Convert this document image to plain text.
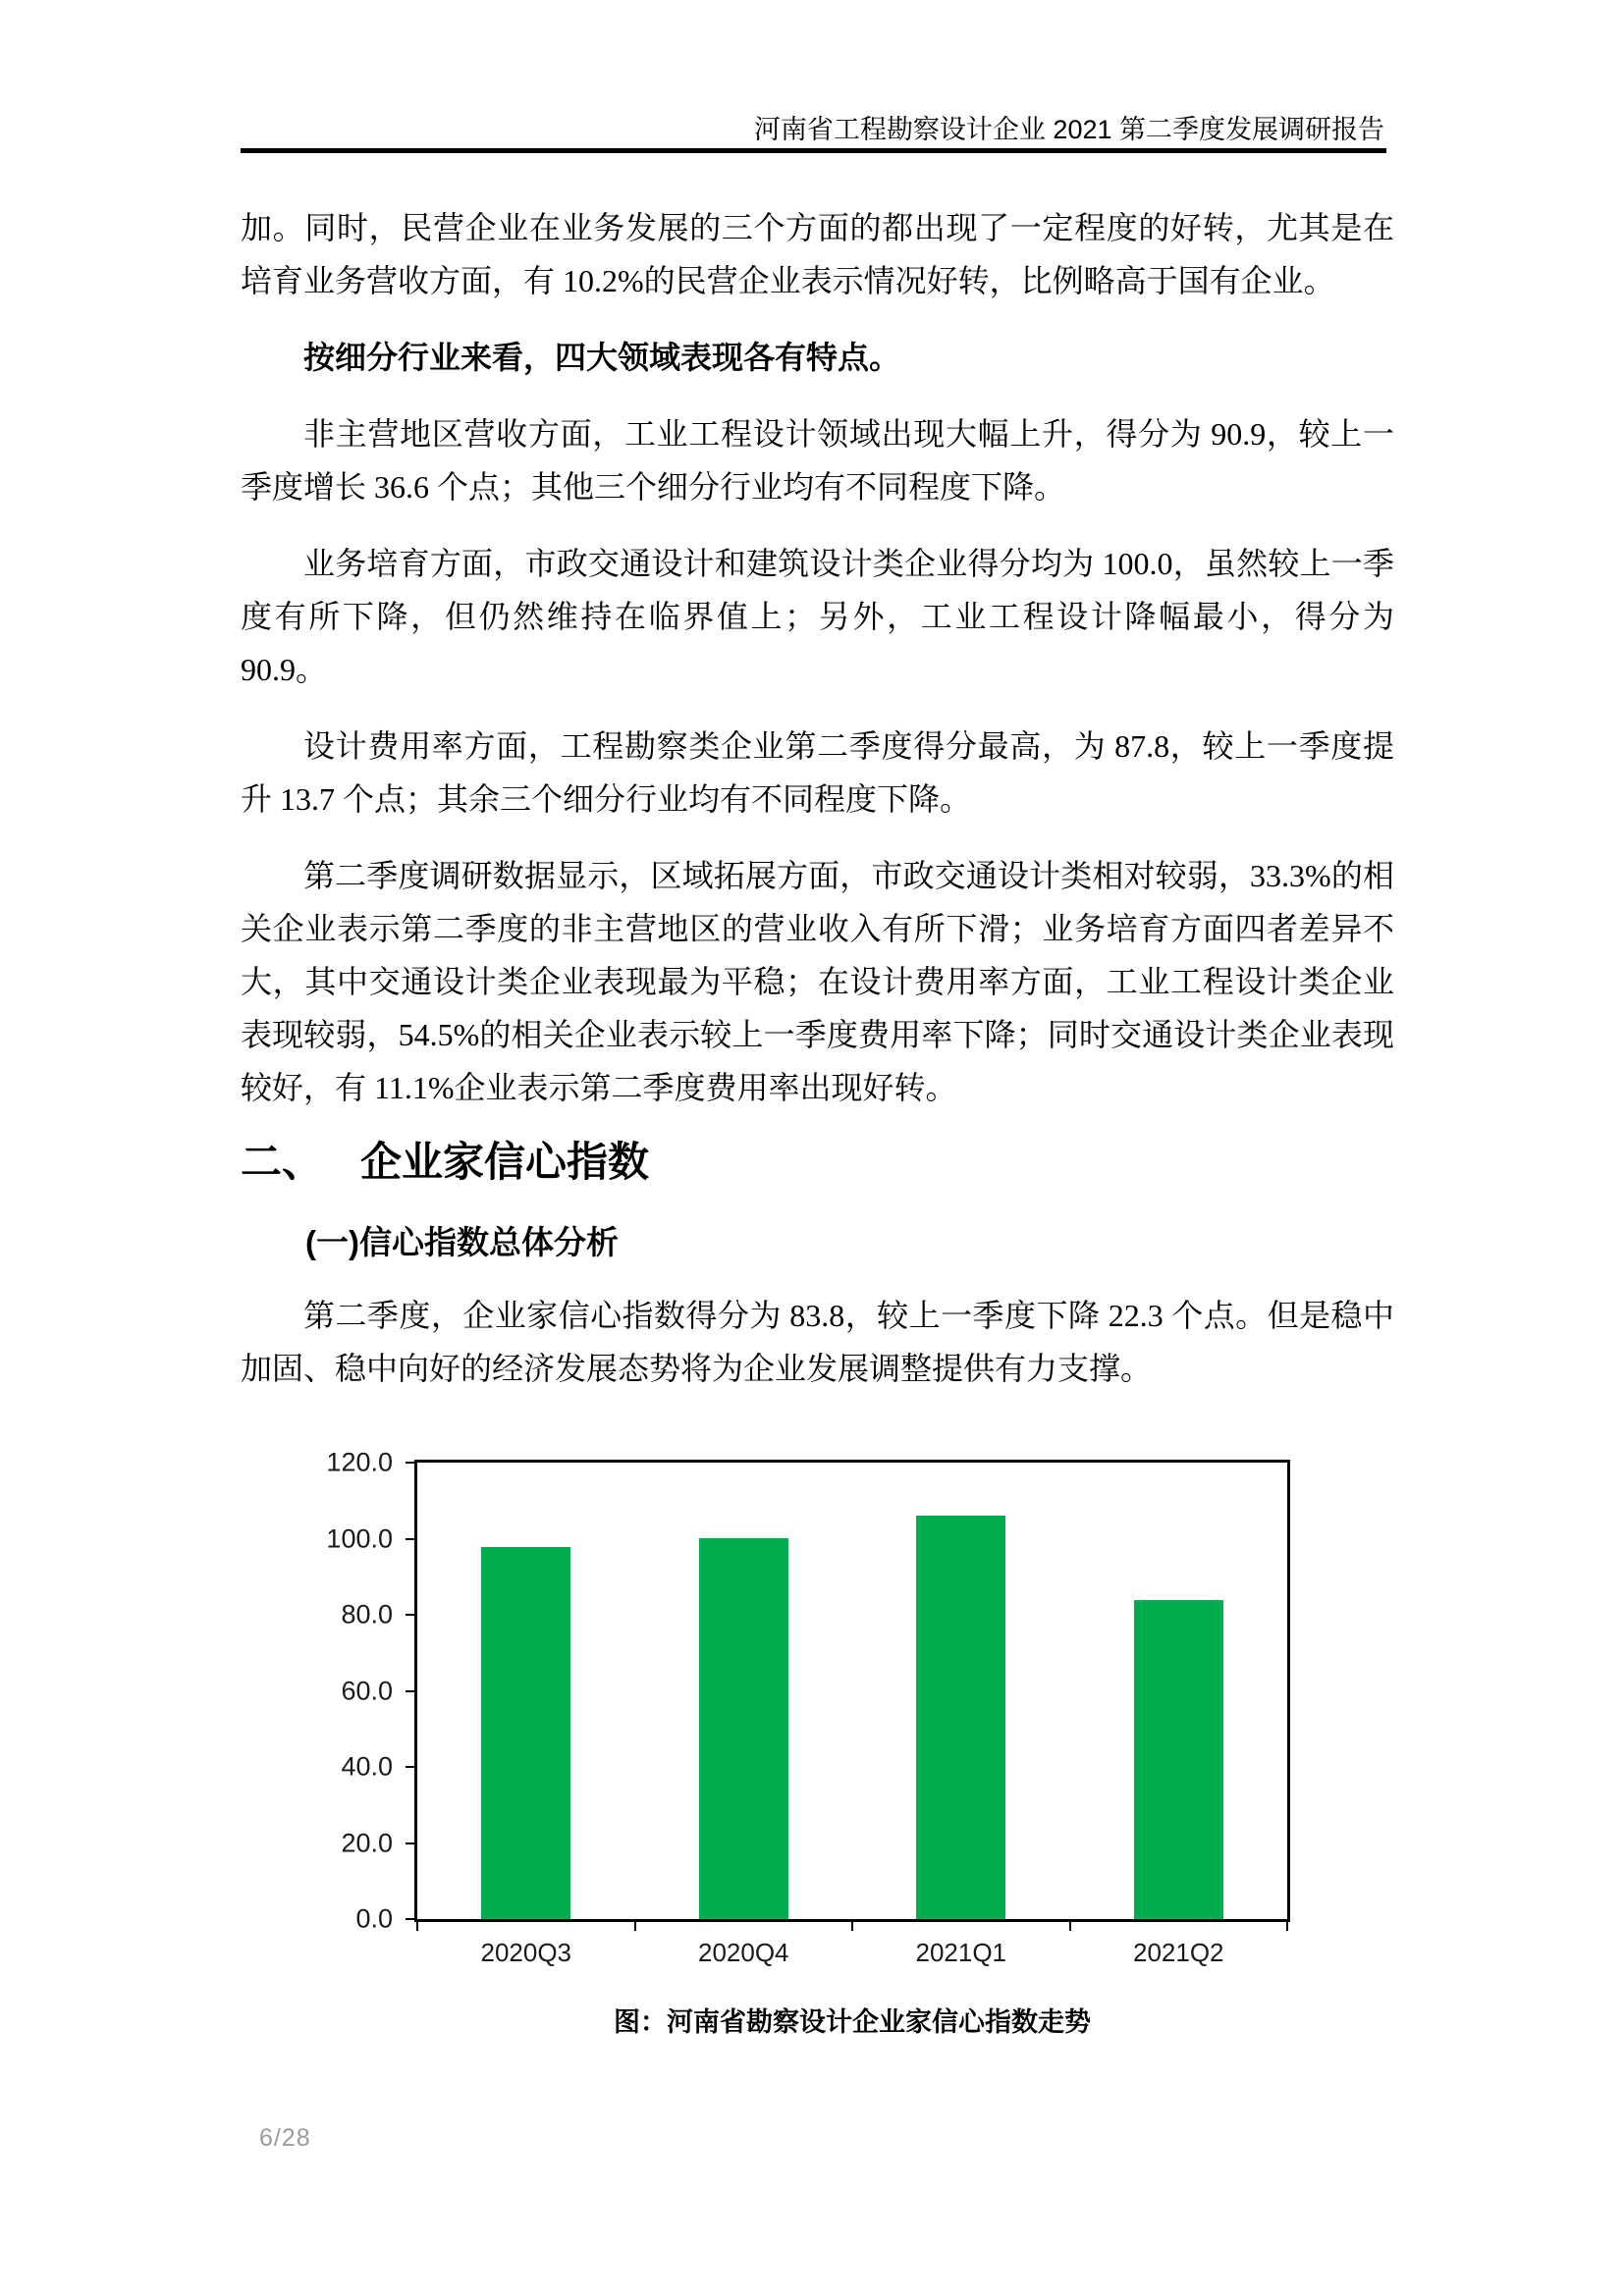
河南省工程勘察设计企业 2021 第二季度发展调研报告

加。同时，民营企业在业务发展的三个方面的都出现了一定程度的好转，尤其是在培育业务营收方面，有 10.2%的民营企业表示情况好转，比例略高于国有企业。

按细分行业来看，四大领域表现各有特点。

非主营地区营收方面，工业工程设计领域出现大幅上升，得分为 90.9，较上一季度增长 36.6 个点；其他三个细分行业均有不同程度下降。

业务培育方面，市政交通设计和建筑设计类企业得分均为 100.0，虽然较上一季度有所下降，但仍然维持在临界值上；另外，工业工程设计降幅最小，得分为 90.9。

设计费用率方面，工程勘察类企业第二季度得分最高，为 87.8，较上一季度提升 13.7 个点；其余三个细分行业均有不同程度下降。

第二季度调研数据显示，区域拓展方面，市政交通设计类相对较弱，33.3%的相关企业表示第二季度的非主营地区的营业收入有所下滑；业务培育方面四者差异不大，其中交通设计类企业表现最为平稳；在设计费用率方面，工业工程设计类企业表现较弱，54.5%的相关企业表示较上一季度费用率下降；同时交通设计类企业表现较好，有 11.1%企业表示第二季度费用率出现好转。

二、 企业家信心指数
(一)信心指数总体分析

第二季度，企业家信心指数得分为 83.8，较上一季度下降 22.3 个点。但是稳中加固、稳中向好的经济发展态势将为企业发展调整提供有力支撑。

图：河南省勘察设计企业家信心指数走势
2020Q3	2020Q4	2021Q1	2021Q2
120.0
100.0
80.0
60.0
40.0
20.0
0.0
6/28
